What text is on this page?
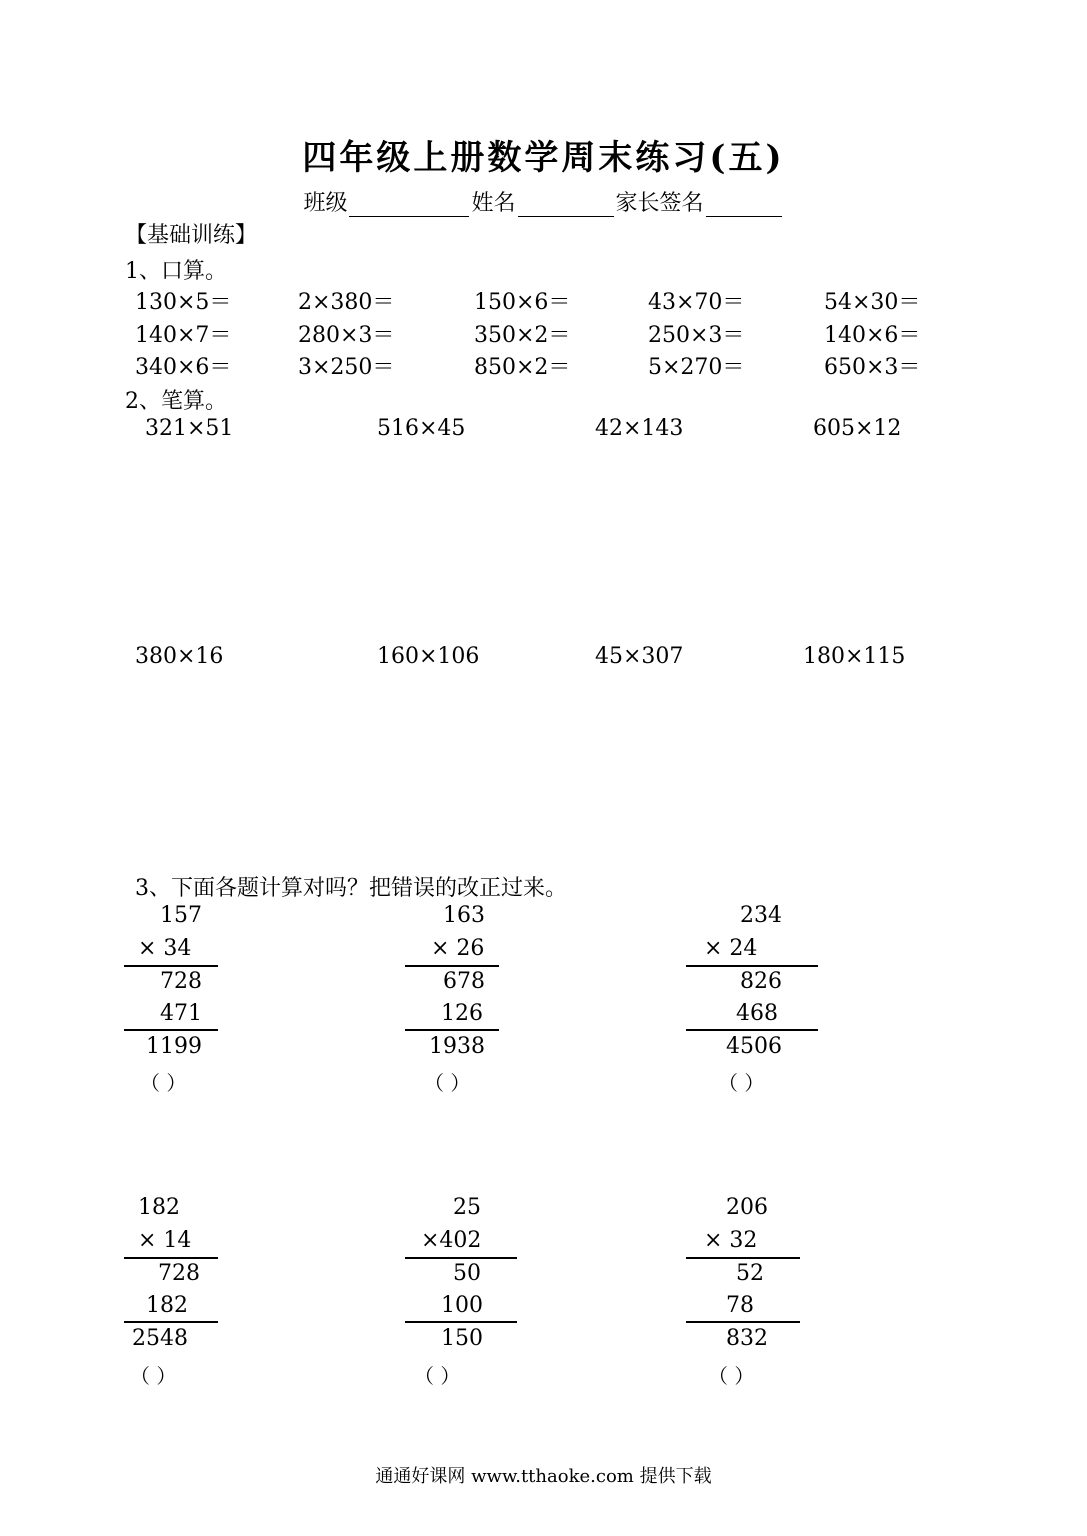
四年级上册数学周末练习(五)
班级	姓名	家长签名
【基础训练】
1、口算。
130×5＝	2×380＝	150×6＝	43×70＝	54×30＝
140×7＝	280×3＝	350×2＝	250×3＝	140×6＝
340×6＝	3×250＝	850×2＝	5×270＝	650×3＝
2、笔算。
321×51	516×45	42×143	605×12
380×16	160×106	45×307	180×115
3、下面各题计算对吗？把错误的改正过来。
157
× 34
728
471
1199
（ ）
163
× 26
678
126
1938
（ ）
234
× 24
826
468
4506
（ ）
182
× 14
728
182
2548
（ ）
25
×402
50
100
150
（ ）
206
× 32
52
78
832
（ ）
通通好课网 www.tthaoke.com 提供下载
